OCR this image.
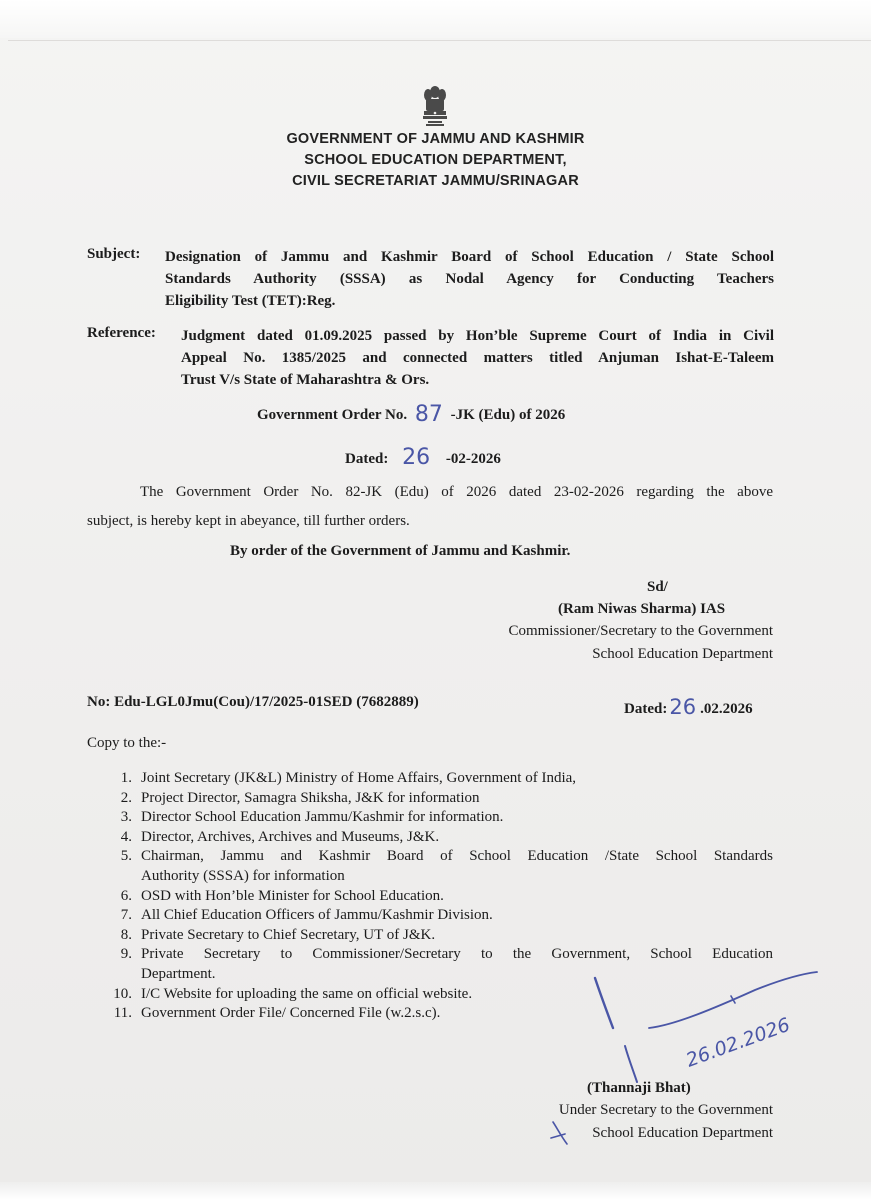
GOVERNMENT OF JAMMU AND KASHMIR
SCHOOL EDUCATION DEPARTMENT,
CIVIL SECRETARIAT JAMMU/SRINAGAR
Subject: Designation of Jammu and Kashmir Board of School Education / State School
Standards Authority (SSSA) as Nodal Agency for Conducting Teachers
Eligibility Test (TET):Reg.
Reference: Judgment dated 01.09.2025 passed by Hon’ble Supreme Court of India in Civil
Appeal No. 1385/2025 and connected matters titled Anjuman Ishat-E-Taleem
Trust V/s State of Maharashtra & Ors.
Government Order No. 87 -JK (Edu) of 2026
Dated: 26 -02-2026
The Government Order No. 82-JK (Edu) of 2026 dated 23-02-2026 regarding the above
subject, is hereby kept in abeyance, till further orders.
By order of the Government of Jammu and Kashmir.
Sd/
(Ram Niwas Sharma) IAS
Commissioner/Secretary to the Government
School Education Department
No: Edu-LGL0Jmu(Cou)/17/2025-01SED (7682889)	Dated:26 .02.2026
Copy to the:-
1. Joint Secretary (JK&L) Ministry of Home Affairs, Government of India,
2. Project Director, Samagra Shiksha, J&K for information
3. Director School Education Jammu/Kashmir for information.
4. Director, Archives, Archives and Museums, J&K.
5. Chairman, Jammu and Kashmir Board of School Education /State School Standards
Authority (SSSA) for information
6. OSD with Hon’ble Minister for School Education.
7. All Chief Education Officers of Jammu/Kashmir Division.
8. Private Secretary to Chief Secretary, UT of J&K.
9. Private Secretary to Commissioner/Secretary to the Government, School Education
Department.
10. I/C Website for uploading the same on official website.
11. Government Order File/ Concerned File (w.2.s.c).
26.02.2026
(Thannaji Bhat)
Under Secretary to the Government
School Education Department
